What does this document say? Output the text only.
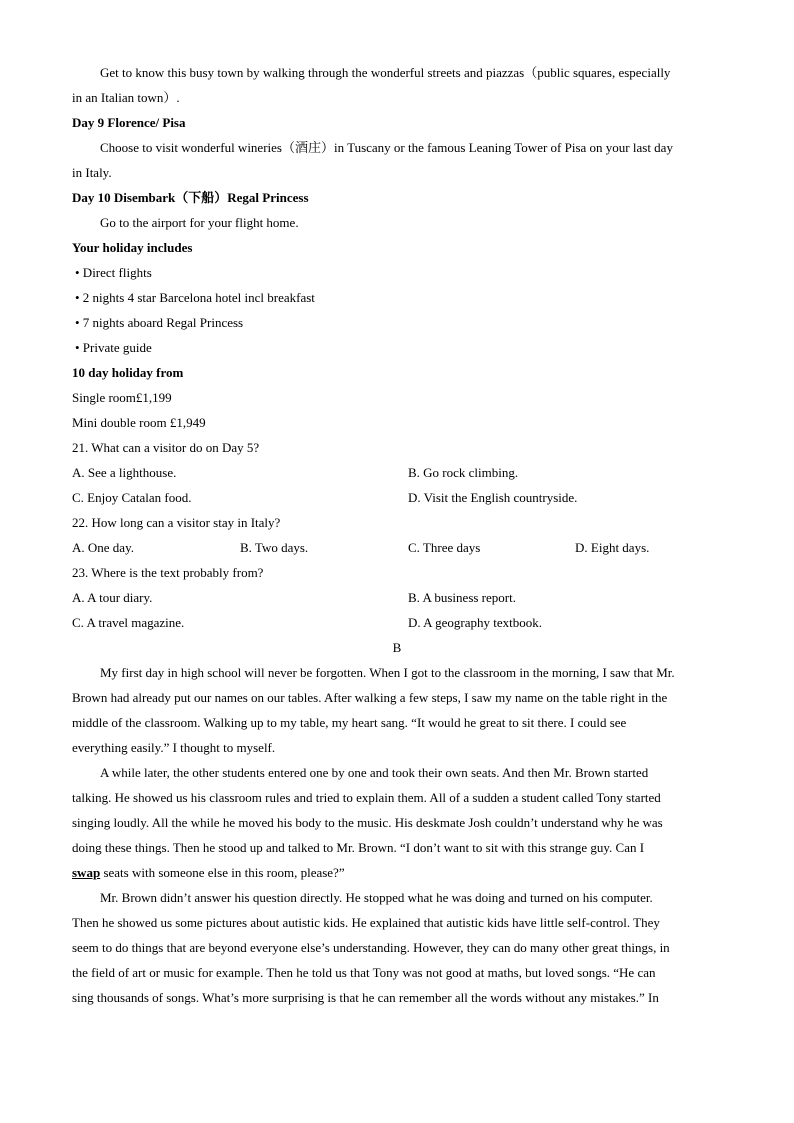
Get to know this busy town by walking through the wonderful streets and piazzas（public squares, especially
in an Italian town）.
Day 9 Florence/ Pisa
Choose to visit wonderful wineries（酒庄）in Tuscany or the famous Leaning Tower of Pisa on your last day
in Italy.
Day 10 Disembark（下船）Regal Princess
Go to the airport for your flight home.
Your holiday includes
• Direct flights
• 2 nights 4 star Barcelona hotel incl breakfast
• 7 nights aboard Regal Princess
• Private guide
10 day holiday from
Single room£1,199
Mini double room £1,949
21. What can a visitor do on Day 5?
A. See a lighthouse.	B. Go rock climbing.
C. Enjoy Catalan food.	D. Visit the English countryside.
22. How long can a visitor stay in Italy?
A. One day.	B. Two days.	C. Three days	D. Eight days.
23. Where is the text probably from?
A. A tour diary.	B. A business report.
C. A travel magazine.	D. A geography textbook.
B
My first day in high school will never be forgotten. When I got to the classroom in the morning, I saw that Mr.
Brown had already put our names on our tables. After walking a few steps, I saw my name on the table right in the
middle of the classroom. Walking up to my table, my heart sang. “It would he great to sit there. I could see
everything easily.” I thought to myself.
A while later, the other students entered one by one and took their own seats. And then Mr. Brown started
talking. He showed us his classroom rules and tried to explain them. All of a sudden a student called Tony started
singing loudly. All the while he moved his body to the music. His deskmate Josh couldn’t understand why he was
doing these things. Then he stood up and talked to Mr. Brown. “I don’t want to sit with this strange guy. Can I
swap seats with someone else in this room, please?”
Mr. Brown didn’t answer his question directly. He stopped what he was doing and turned on his computer.
Then he showed us some pictures about autistic kids. He explained that autistic kids have little self-control. They
seem to do things that are beyond everyone else’s understanding. However, they can do many other great things, in
the field of art or music for example. Then he told us that Tony was not good at maths, but loved songs. “He can
sing thousands of songs. What’s more surprising is that he can remember all the words without any mistakes.” In
